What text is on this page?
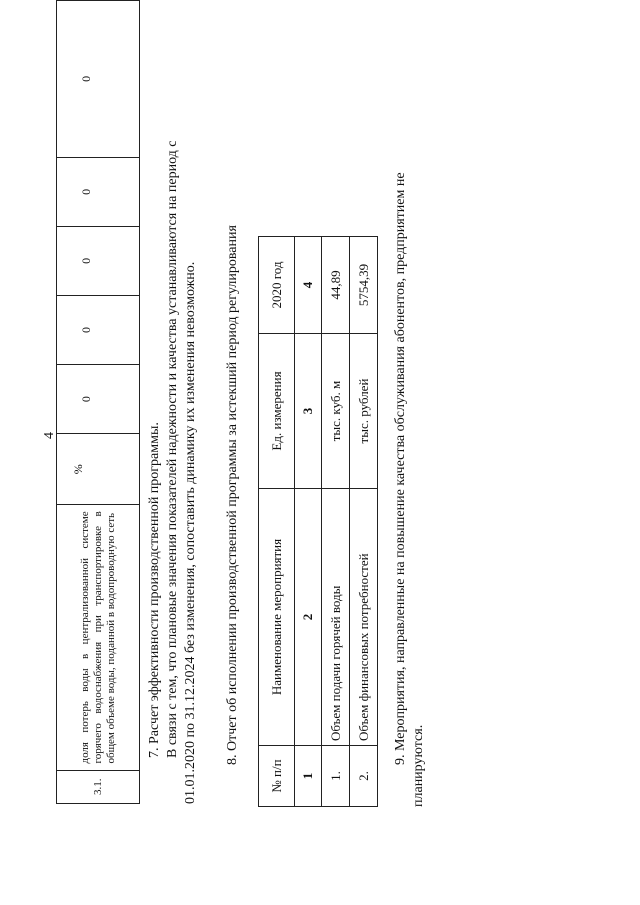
4
3.1.	доля потерь воды в централизованной системе горячего водоснабжения при транспортировке в общем объеме воды, поданной в водопроводную сеть	%	0	0	0	0	0
7. Расчет эффективности производственной программы. В связи с тем, что плановые значения показателей надежности и качества устанавливаются на период с 01.01.2020 по 31.12.2024 без изменения, сопоставить динамику их изменения невозможно. 8. Отчет об исполнении производственной программы за истекший период регулирования
№ п/п	Наименование мероприятия	Ед. измерения	2020 год
1	2	3	4
1.	Объем подачи горячей воды	тыс. куб. м	44,89
2.	Объем финансовых потребностей	тыс. рублей	5754,39 9. Мероприятия, направленные на повышение качества обслуживания абонентов, предприятием не
планируются.
